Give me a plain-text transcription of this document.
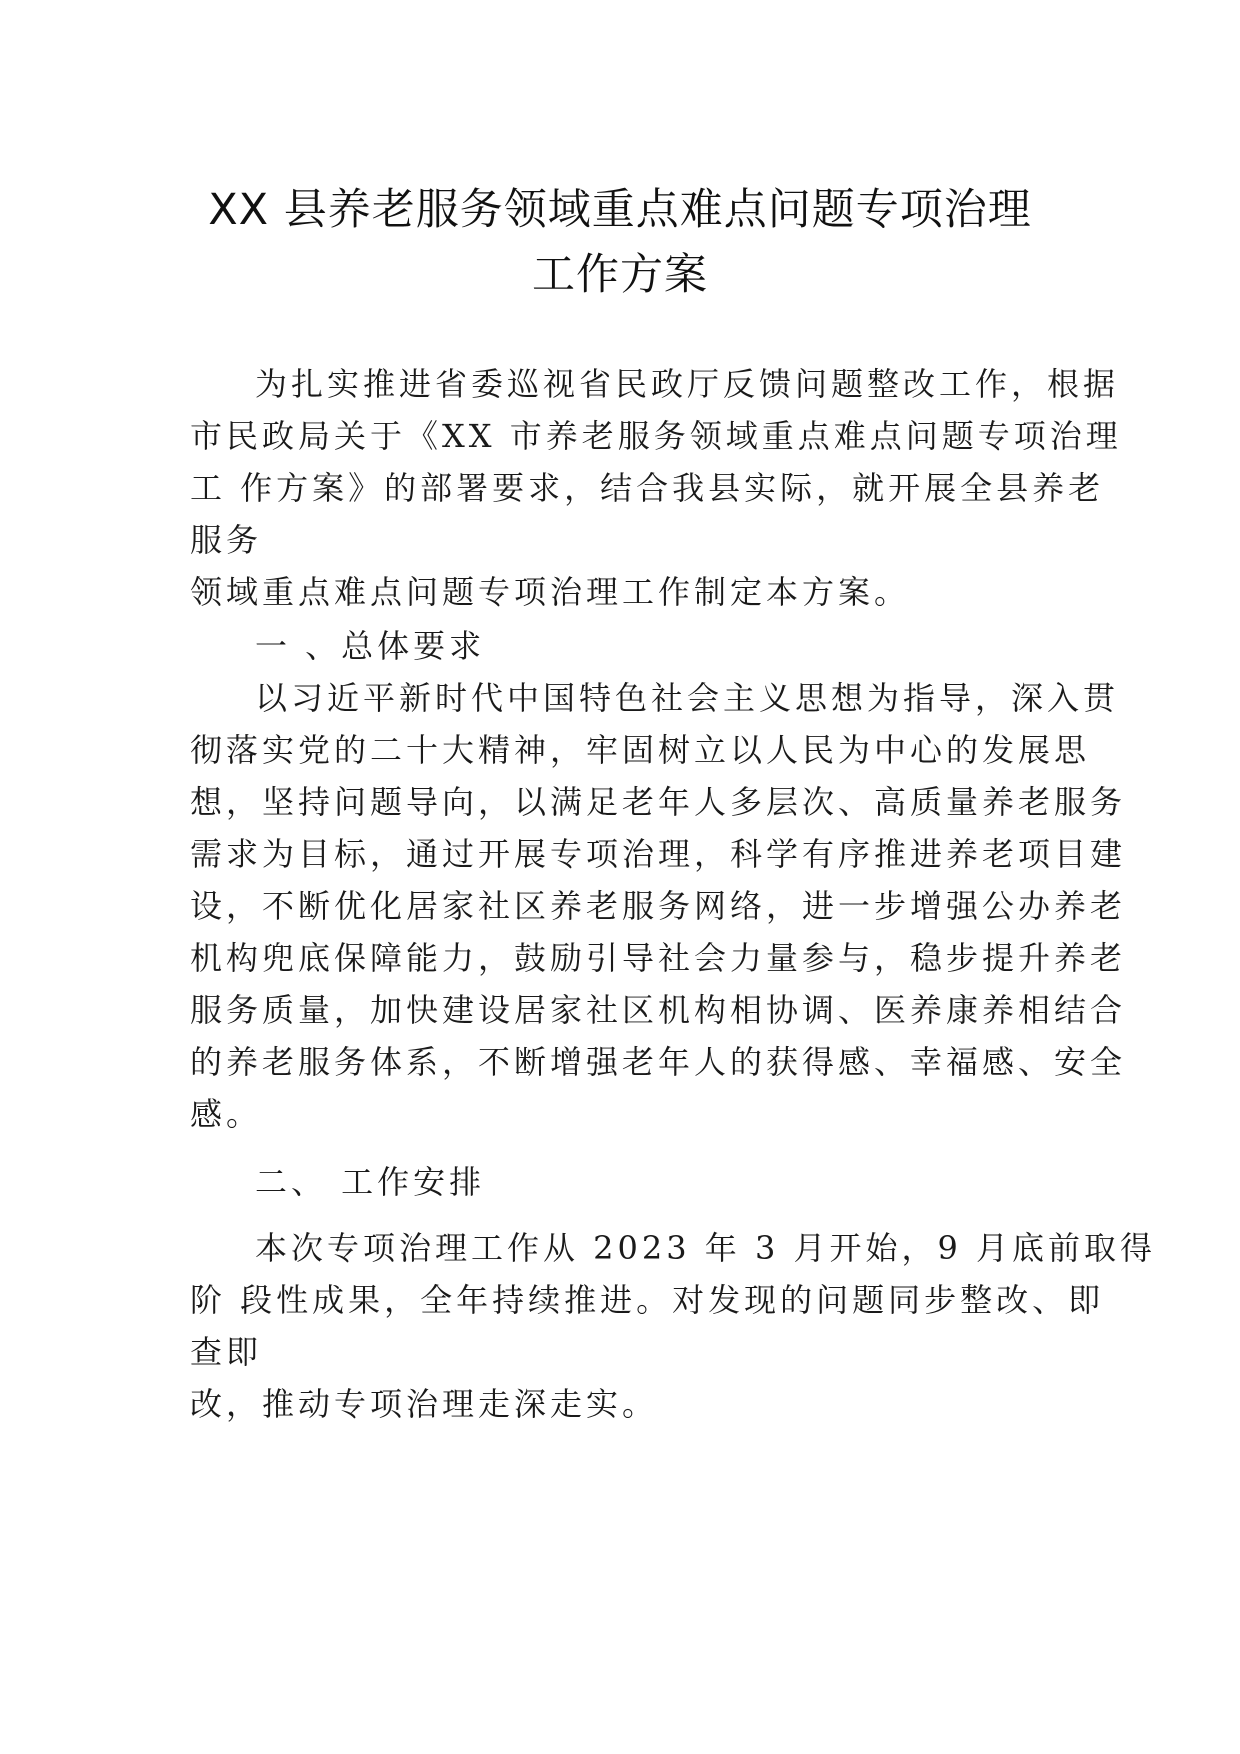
XX 县养老服务领域重点难点问题专项治理
工作方案
为扎实推进省委巡视省民政厅反馈问题整改工作，根据
市民政局关于《XX 市养老服务领域重点难点问题专项治理
工 作方案》的部署要求，结合我县实际，就开展全县养老
服务
领域重点难点问题专项治理工作制定本方案。
一 、总体要求
以习近平新时代中国特色社会主义思想为指导，深入贯
彻落实党的二十大精神，牢固树立以人民为中心的发展思
想，坚持问题导向，以满足老年人多层次、高质量养老服务
需求为目标，通过开展专项治理，科学有序推进养老项目建
设，不断优化居家社区养老服务网络，进一步增强公办养老
机构兜底保障能力，鼓励引导社会力量参与，稳步提升养老
服务质量，加快建设居家社区机构相协调、医养康养相结合
的养老服务体系，不断增强老年人的获得感、幸福感、安全
感。
二、 工作安排
本次专项治理工作从 2023 年 3 月开始，9 月底前取得
阶 段性成果，全年持续推进。对发现的问题同步整改、即
查即
改，推动专项治理走深走实。
